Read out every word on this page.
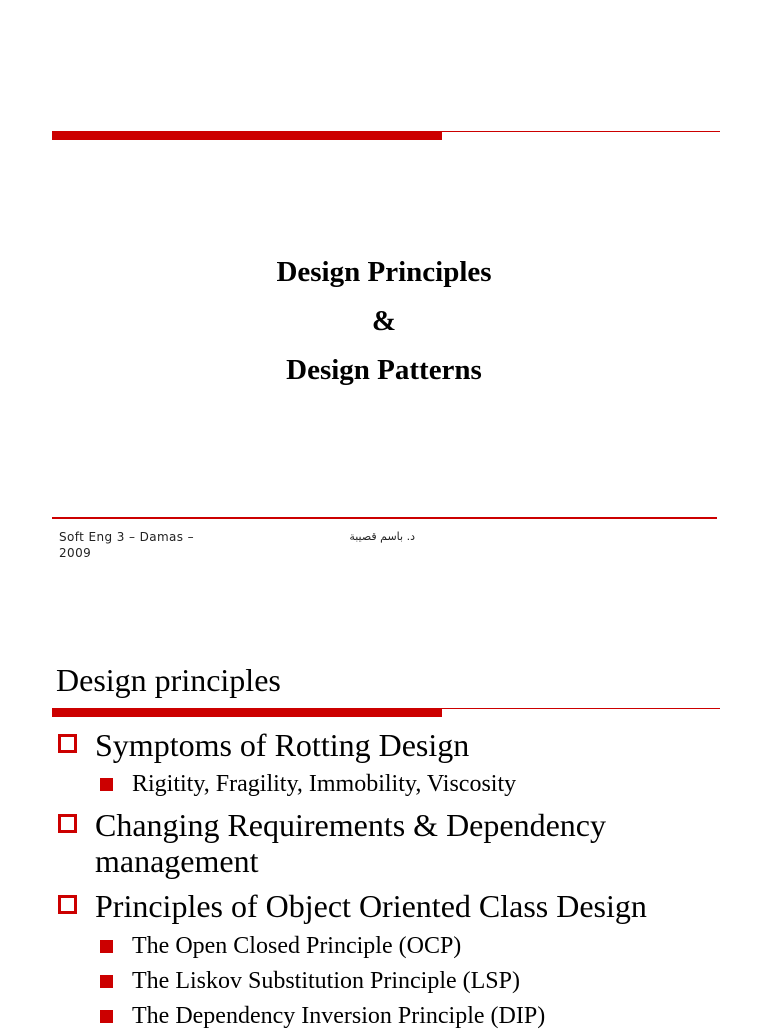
Design Principles
&
Design Patterns
Soft Eng 3 – Damas – 2009
د. باسم قصيبة
Design principles
Symptoms of Rotting Design
Rigitity, Fragility, Immobility, Viscosity
Changing Requirements & Dependency management
Principles of Object Oriented Class Design
The Open Closed Principle (OCP)
The Liskov Substitution Principle (LSP)
The Dependency Inversion Principle (DIP)
